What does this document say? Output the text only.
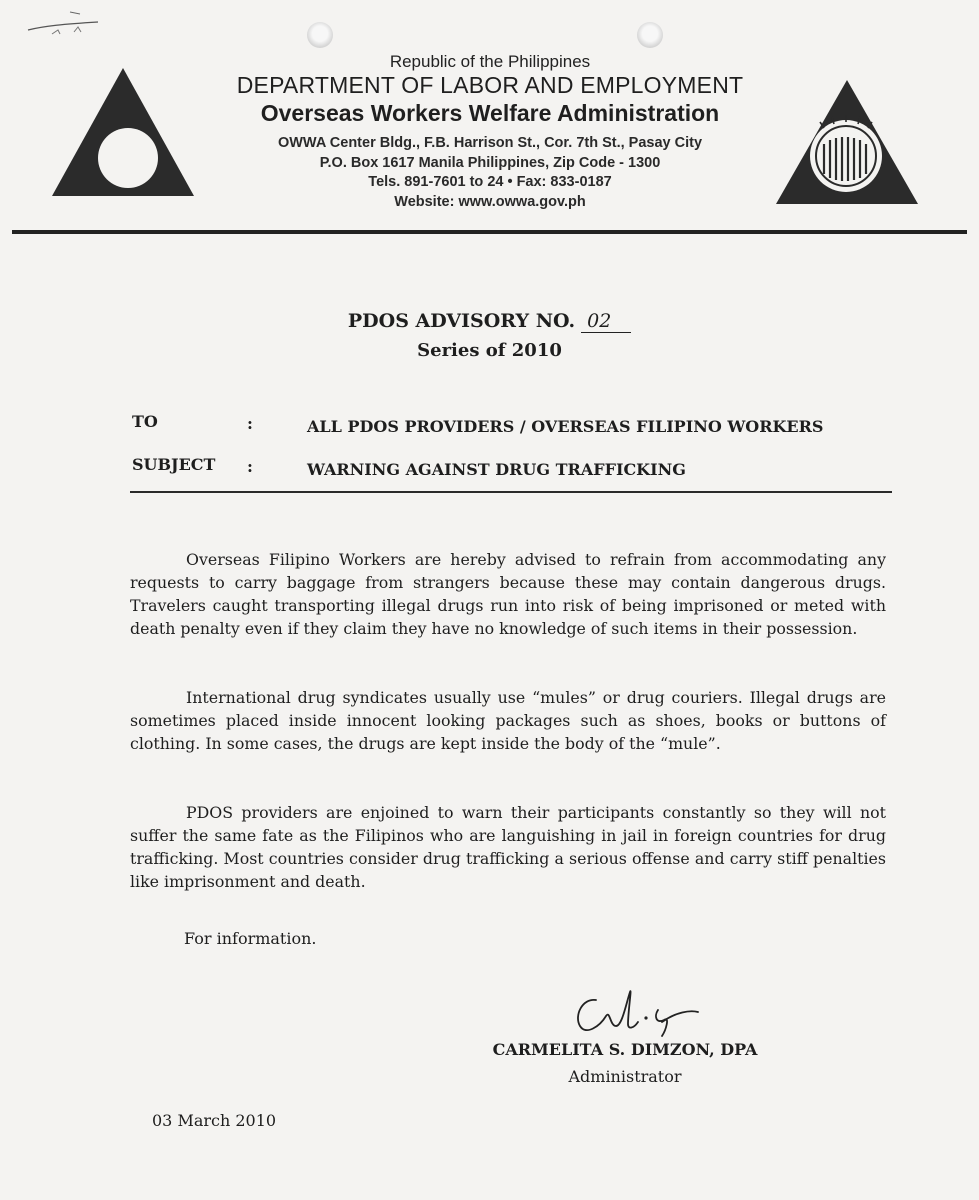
Republic of the Philippines
DEPARTMENT OF LABOR AND EMPLOYMENT
Overseas Workers Welfare Administration
OWWA Center Bldg., F.B. Harrison St., Cor. 7th St., Pasay City
P.O. Box 1617 Manila Philippines, Zip Code - 1300
Tels. 891-7601 to 24 • Fax: 833-0187
Website: www.owwa.gov.ph
PDOS ADVISORY NO. 02
Series of 2010
TO	:	ALL PDOS PROVIDERS / OVERSEAS FILIPINO WORKERS
SUBJECT :	WARNING AGAINST DRUG TRAFFICKING
Overseas Filipino Workers are hereby advised to refrain from accommodating any requests to carry baggage from strangers because these may contain dangerous drugs. Travelers caught transporting illegal drugs run into risk of being imprisoned or meted with death penalty even if they claim they have no knowledge of such items in their possession.
International drug syndicates usually use “mules” or drug couriers. Illegal drugs are sometimes placed inside innocent looking packages such as shoes, books or buttons of clothing. In some cases, the drugs are kept inside the body of the “mule”.
PDOS providers are enjoined to warn their participants constantly so they will not suffer the same fate as the Filipinos who are languishing in jail in foreign countries for drug trafficking. Most countries consider drug trafficking a serious offense and carry stiff penalties like imprisonment and death.
For information.
CARMELITA S. DIMZON, DPA
Administrator
03 March 2010
